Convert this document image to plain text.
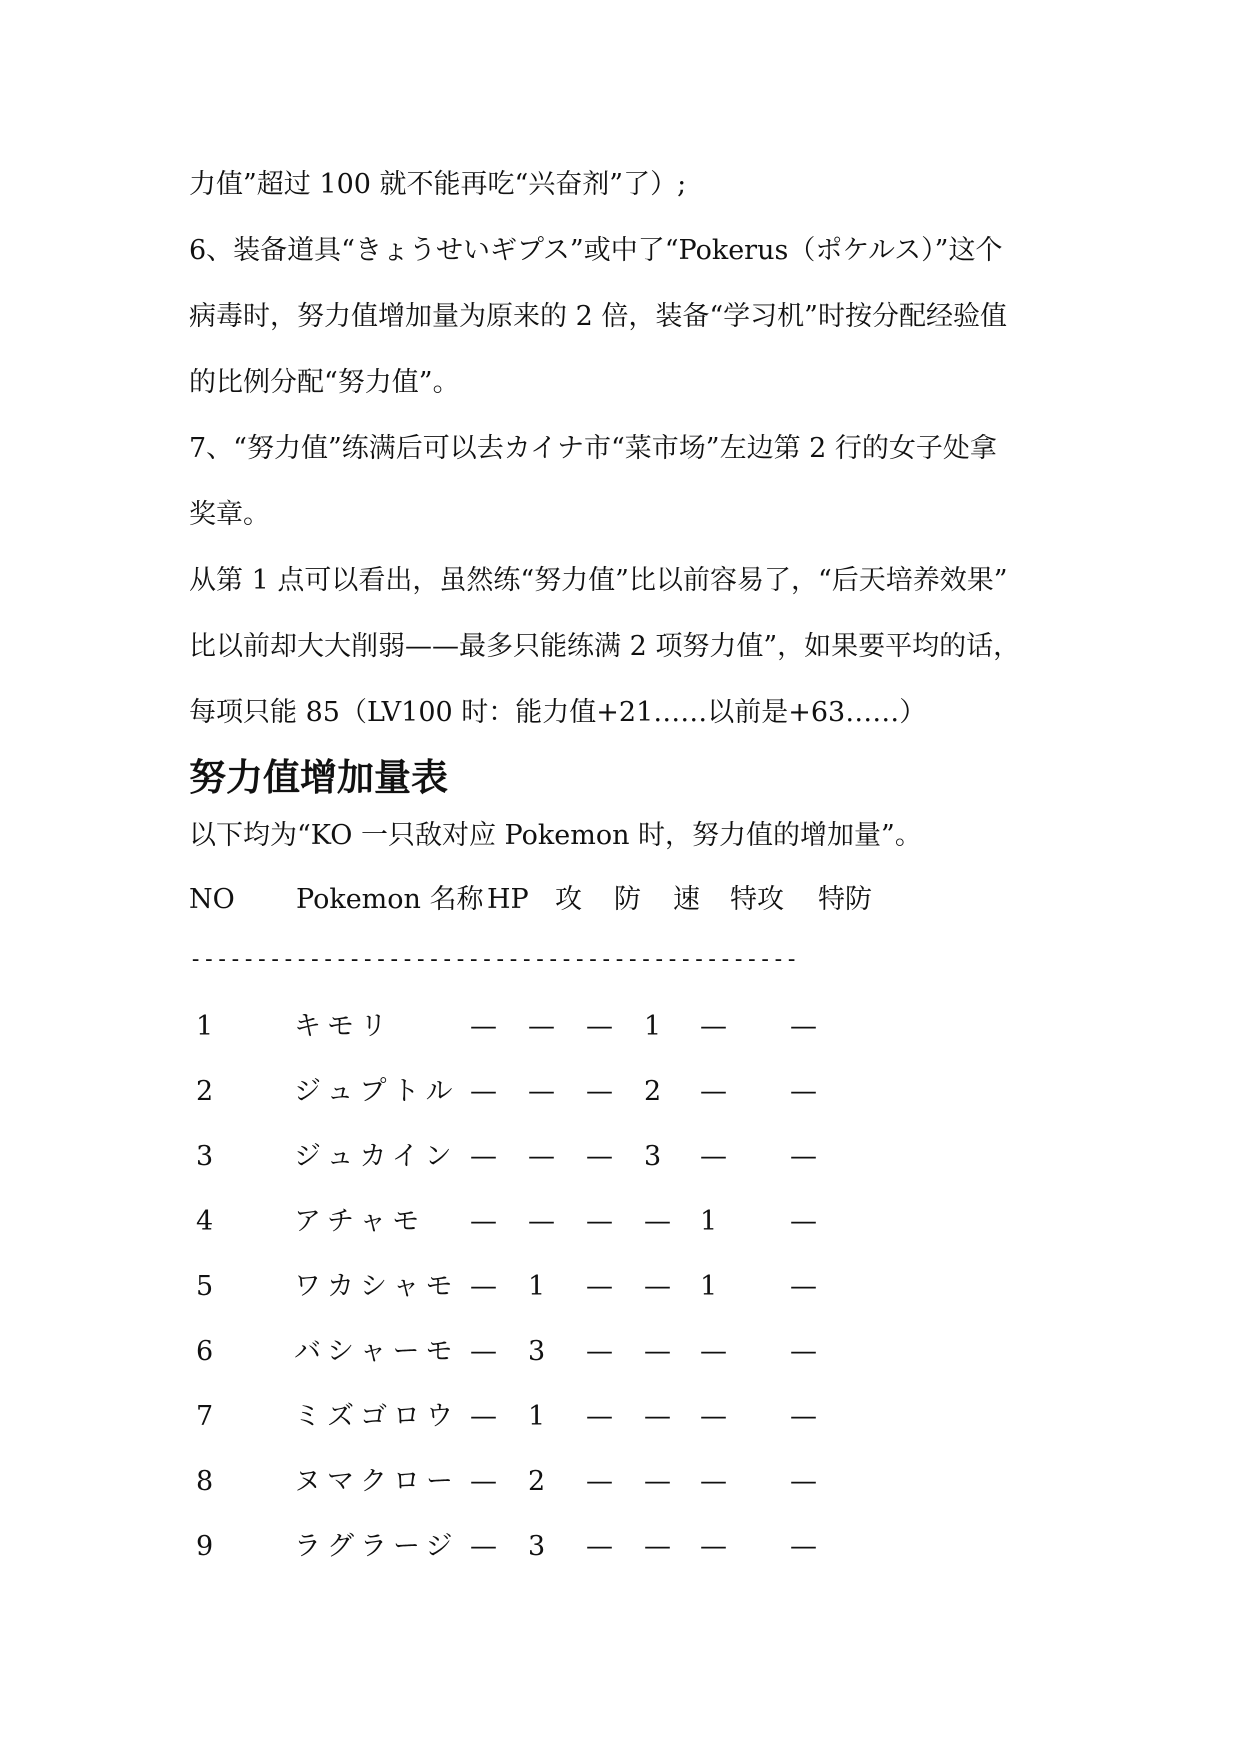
力值”超过 100 就不能再吃“兴奋剂”了）;
6、装备道具“きょうせいギプス”或中了“Pokerus（ポケルス）”这个
病毒时，努力值增加量为原来的 2 倍，装备“学习机”时按分配经验值
的比例分配“努力值”。
7、“努力值”练满后可以去カイナ市“菜市场”左边第 2 行的女子处拿
奖章。
从第 1 点可以看出，虽然练“努力值”比以前容易了，“后天培养效果”
比以前却大大削弱——最多只能练满 2 项努力值”，如果要平均的话，
每项只能 85（LV100 时：能力值+21……以前是+63……）
努力值增加量表
以下均为“KO 一只敌对应 Pokemon 时，努力值的增加量”。
NO Pokemon 名称 HP 攻 防 速 特攻 特防
----------------------------------------------
1	キモリ	— — — 1 — —
2	ジュプトル — — — 2 — —
3	ジュカイン — — — 3 — —
4	アチャモ — — — — 1	—
5	ワカシャモ — 1 — — 1	—
6	バシャーモ — 3 — — — —
7	ミズゴロウ — 1 — — — —
8	ヌマクロー — 2 — — — —
9	ラグラージ — 3 — — — —
